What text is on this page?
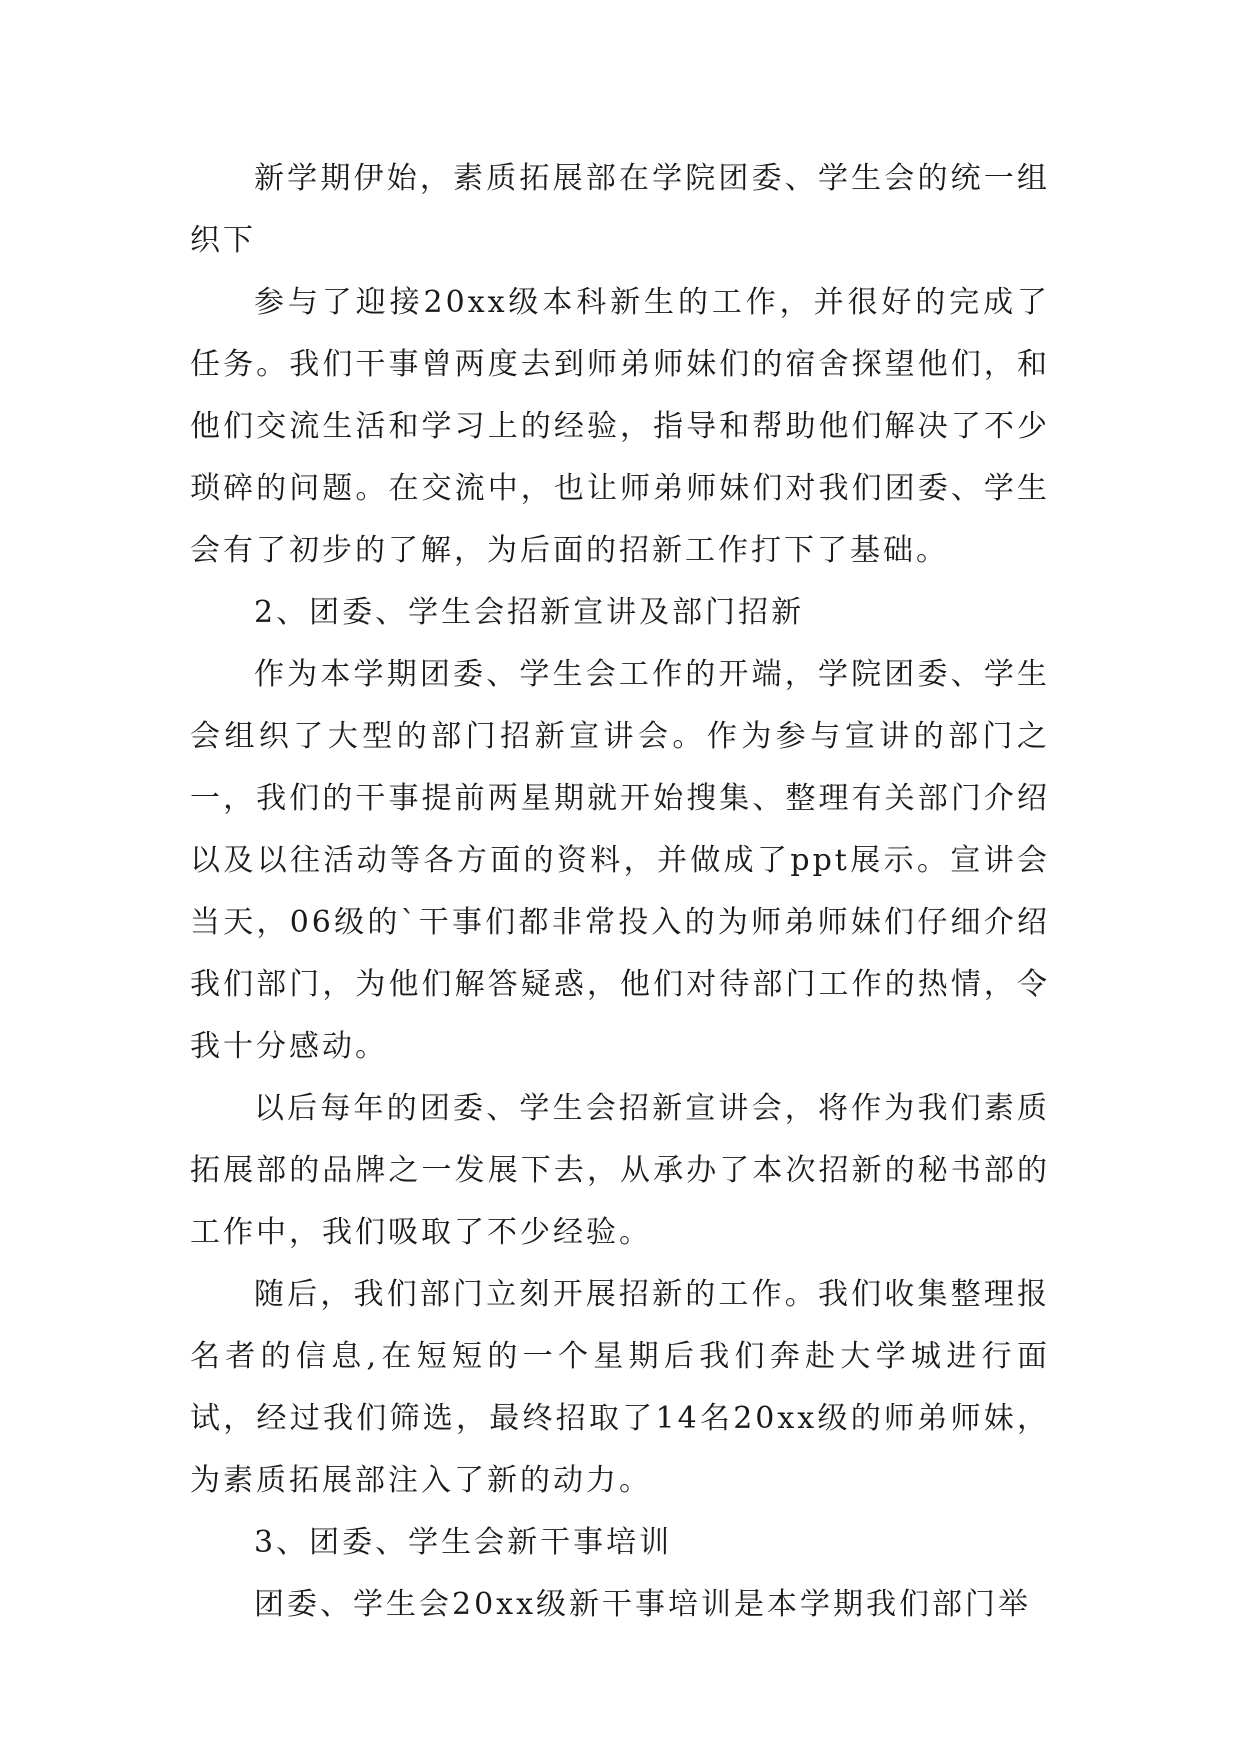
新学期伊始，素质拓展部在学院团委、学生会的统一组织下

参与了迎接20xx级本科新生的工作，并很好的完成了任务。我们干事曾两度去到师弟师妹们的宿舍探望他们，和他们交流生活和学习上的经验，指导和帮助他们解决了不少琐碎的问题。在交流中，也让师弟师妹们对我们团委、学生会有了初步的了解，为后面的招新工作打下了基础。

2、团委、学生会招新宣讲及部门招新

作为本学期团委、学生会工作的开端，学院团委、学生会组织了大型的部门招新宣讲会。作为参与宣讲的部门之一，我们的干事提前两星期就开始搜集、整理有关部门介绍以及以往活动等各方面的资料，并做成了ppt展示。宣讲会当天，06级的`干事们都非常投入的为师弟师妹们仔细介绍我们部门，为他们解答疑惑，他们对待部门工作的热情，令我十分感动。

以后每年的团委、学生会招新宣讲会，将作为我们素质拓展部的品牌之一发展下去，从承办了本次招新的秘书部的工作中，我们吸取了不少经验。

随后，我们部门立刻开展招新的工作。我们收集整理报名者的信息,在短短的一个星期后我们奔赴大学城进行面试，经过我们筛选，最终招取了14名20xx级的师弟师妹，为素质拓展部注入了新的动力。

3、团委、学生会新干事培训

团委、学生会20xx级新干事培训是本学期我们部门举
